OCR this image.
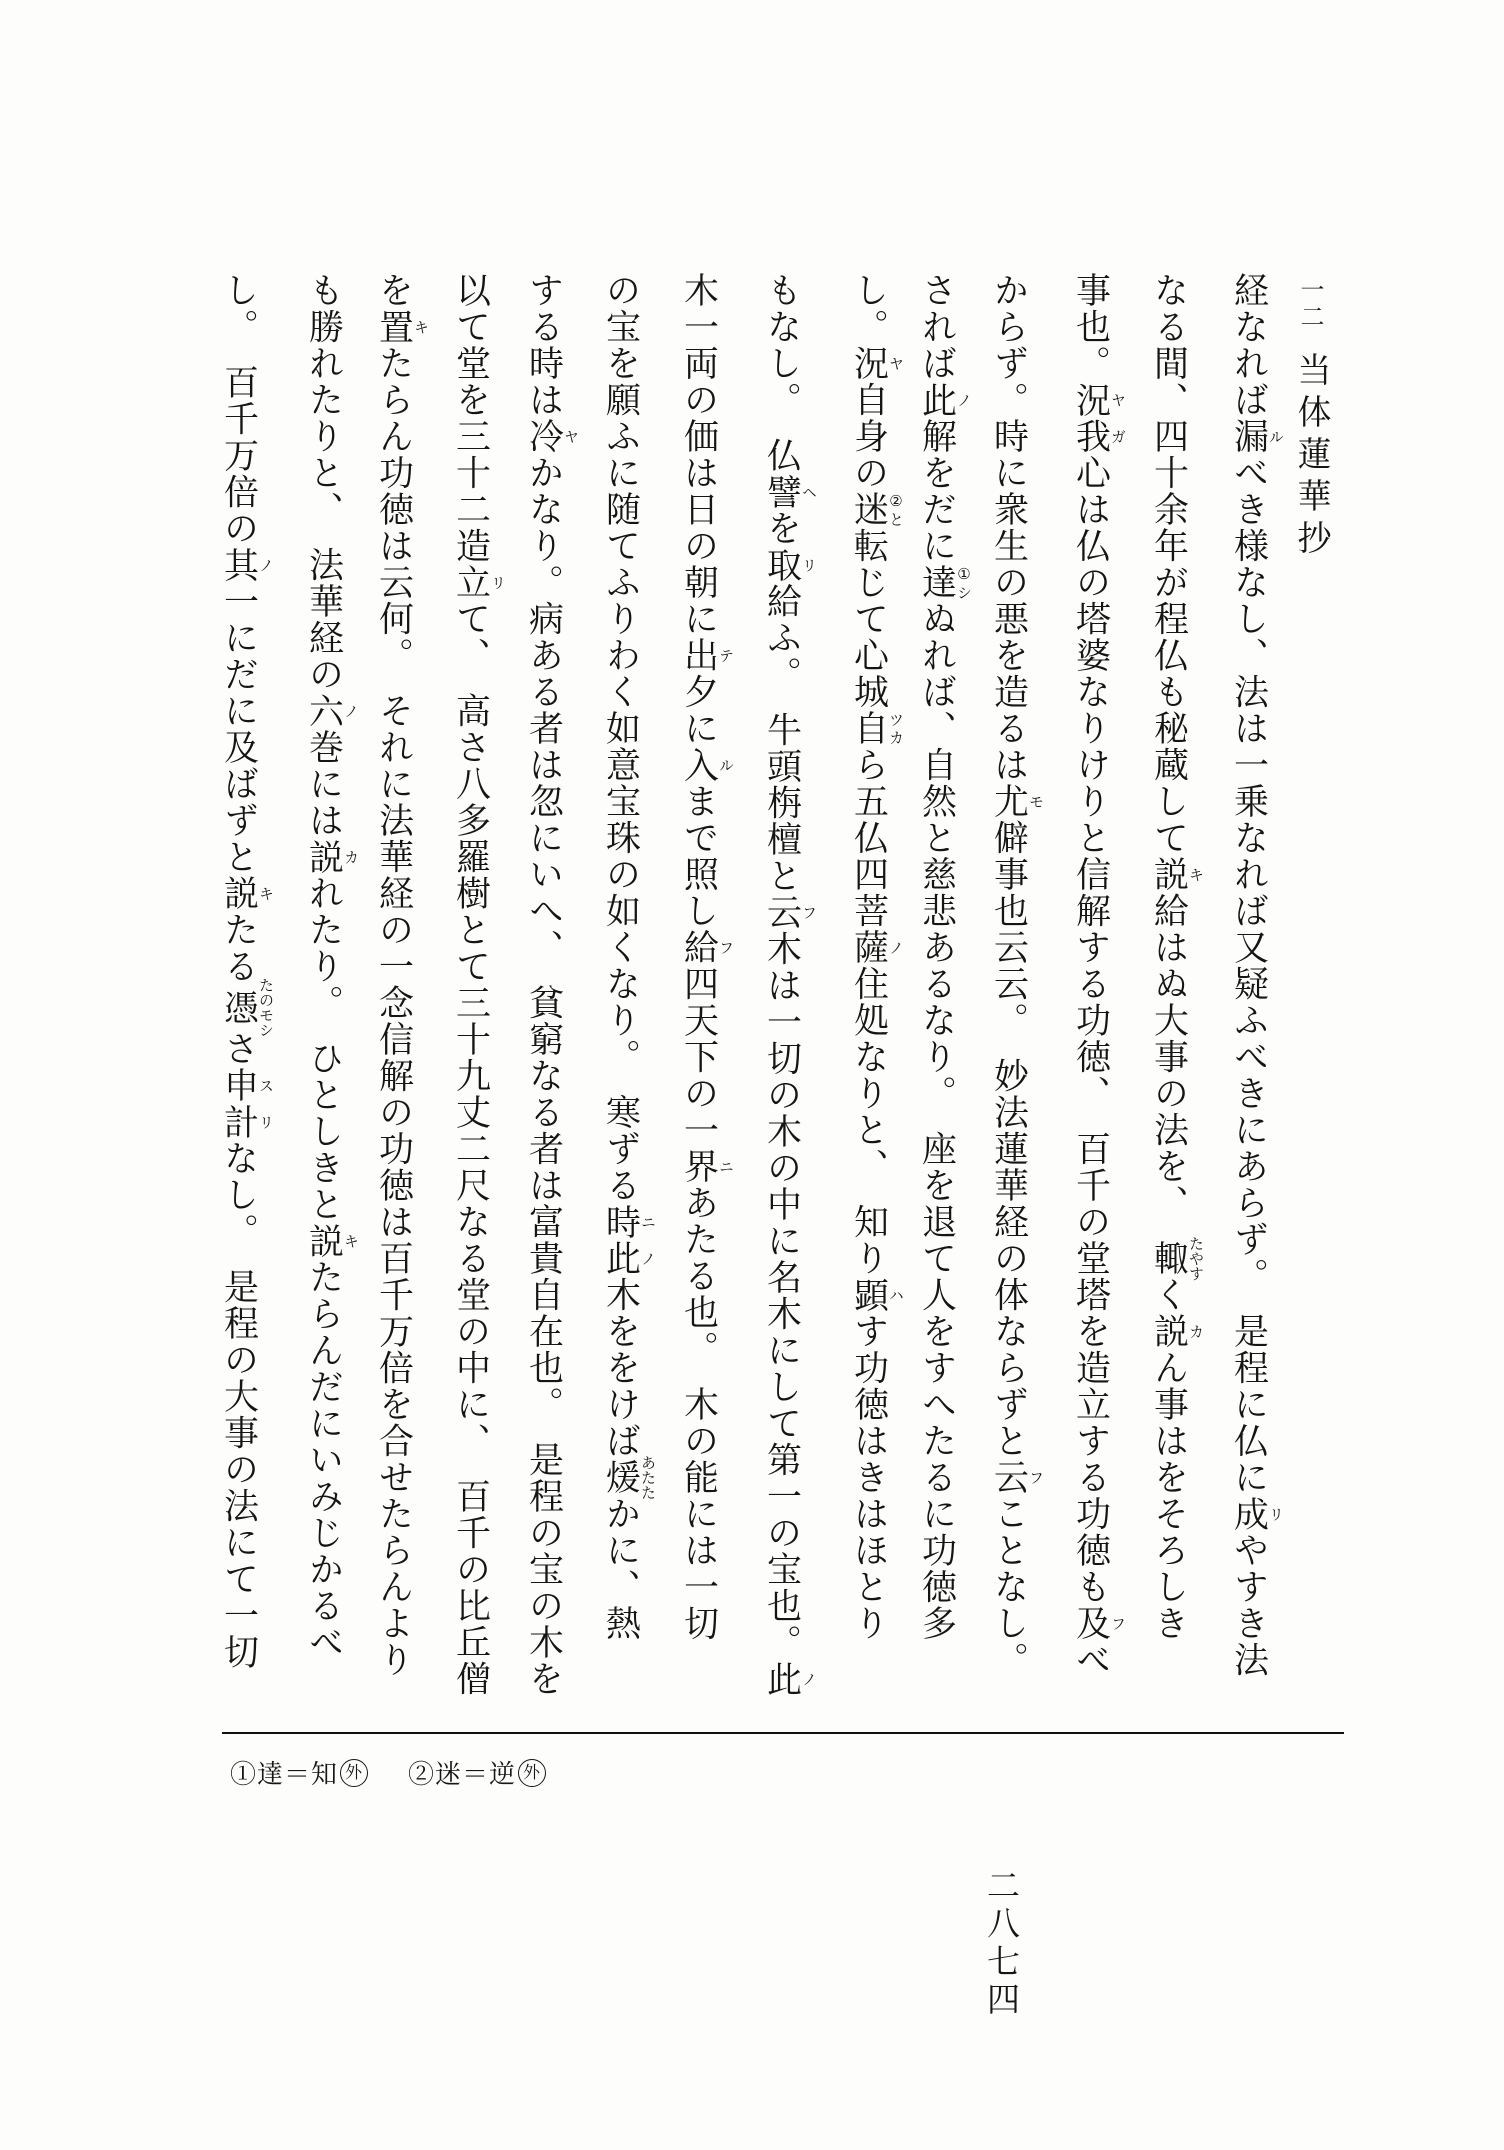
一二
当体蓮華抄
経なれば漏ルべき様なし、法は一乗なれば又疑ふべきにあらず。　是程に仏に成リやすき法
なる間、四十余年が程仏も秘蔵して説キ給はぬ大事の法を、　輙たやすく説カん事はをそろしき
事也。況ヤ我ガ心は仏の塔婆なりけりと信解する功徳、　百千の堂塔を造立する功徳も及フべ
からず。時に衆生の悪を造るは尤モ僻事也云云。　妙法蓮華経の体ならずと云フことなし。
されば此ノ解をだに達①シぬれば、自然と慈悲あるなり。　座を退て人をすへたるに功徳多
し。況ヤ自身の迷②と転じて心城自ツカら五仏四菩薩ノ住処なりと、　知り顕ハす功徳はきはほとり
もなし。　仏譬ヘを取リ給ふ。　牛頭栴檀と云フ木は一切の木の中に名木にして第一の宝也。此ノ
木一両の価は日の朝に出テ夕に入ルまで照し給フ四天下の一界ニあたる也。　木の能には一切
の宝を願ふに随てふりわく如意宝珠の如くなり。　寒ずる時ニ此ノ木ををけば煖あたたかに、熱
する時は冷ヤかなり。病ある者は忽にいへ、　貧窮なる者は富貴自在也。　是程の宝の木を
以て堂を三十二造立リて、　高さ八多羅樹とて三十九丈二尺なる堂の中に、　百千の比丘僧
を置キたらん功徳は云何。　それに法華経の一念信解の功徳は百千万倍を合せたらんより
も勝れたりと、　法華経の六ノ巻には説カれたり。　ひとしきと説キたらんだにいみじかるべ
し。　百千万倍の其ノ一にだに及ばずと説キたる憑たのモシさ申ス計リなし。　是程の大事の法にて一切
①達＝知 外 ②迷＝逆 外
二八七四
